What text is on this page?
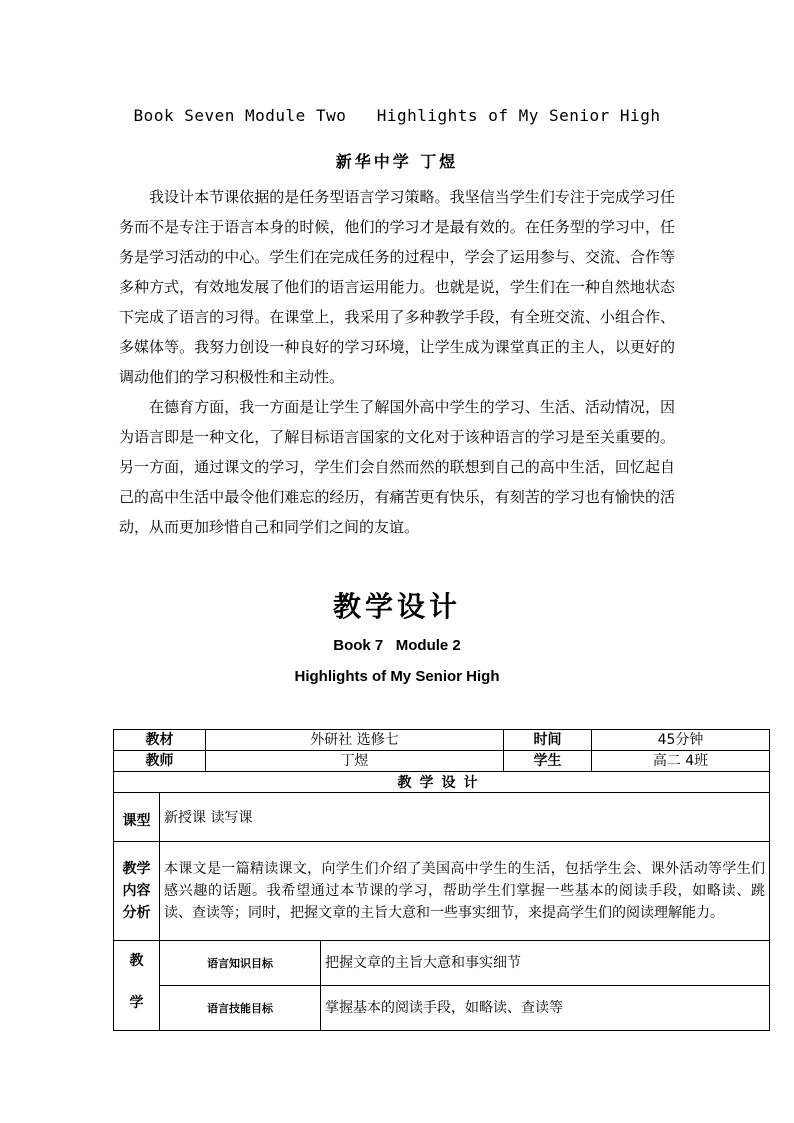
Book Seven Module Two   Highlights of My Senior High
新华中学 丁煜

我设计本节课依据的是任务型语言学习策略。我坚信当学生们专注于完成学习任务而不是专注于语言本身的时候，他们的学习才是最有效的。在任务型的学习中，任务是学习活动的中心。学生们在完成任务的过程中，学会了运用参与、交流、合作等多种方式，有效地发展了他们的语言运用能力。也就是说，学生们在一种自然地状态下完成了语言的习得。在课堂上，我采用了多种教学手段，有全班交流、小组合作、多媒体等。我努力创设一种良好的学习环境，让学生成为课堂真正的主人，以更好的调动他们的学习积极性和主动性。

在德育方面，我一方面是让学生了解国外高中学生的学习、生活、活动情况，因为语言即是一种文化，了解目标语言国家的文化对于该种语言的学习是至关重要的。另一方面，通过课文的学习，学生们会自然而然的联想到自己的高中生活，回忆起自己的高中生活中最令他们难忘的经历，有痛苦更有快乐，有刻苦的学习也有愉快的活动，从而更加珍惜自己和同学们之间的友谊。

教学设计
Book 7   Module 2
Highlights of My Senior High
教材		外研社 选修七		时间	45分钟
教师		丁煜		学生	高二 4班
教学设计					
课型	新授课 读写课				

教学
内容
分析	本课文是一篇精读课文，向学生们介绍了美国高中学生的生活，包括学生会、课外活动等学生们感兴趣的话题。我希望通过本节课的学习，帮助学生们掌握一些基本的阅读手段，如略读、跳读、查读等；同时，把握文章的主旨大意和一些事实细节，来提高学生们的阅读理解能力。				

教
学	语言知识目标		把握文章的主旨大意和事实细节		
	语言技能目标		掌握基本的阅读手段，如略读、查读等		
